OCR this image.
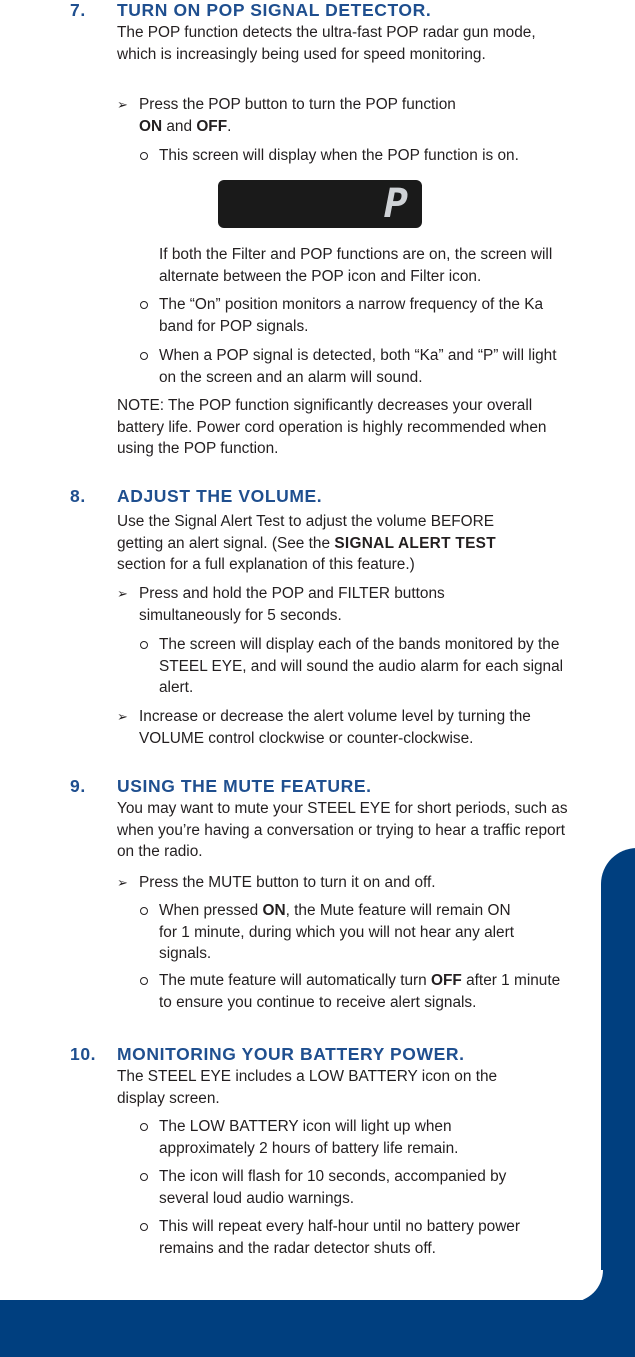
7. TURN ON POP SIGNAL DETECTOR.

The POP function detects the ultra-fast POP radar gun mode, which is increasingly being used for speed monitoring.

➢ Press the POP button to turn the POP function
ON and OFF.
This screen will display when the POP function is on.
P

If both the Filter and POP functions are on, the screen will alternate between the POP icon and Filter icon.

The “On” position monitors a narrow frequency of the Ka band for POP signals.
When a POP signal is detected, both “Ka” and “P” will light on the screen and an alarm will sound.

NOTE: The POP function significantly decreases your overall battery life. Power cord operation is highly recommended when using the POP function.

8. ADJUST THE VOLUME.

Use the Signal Alert Test to adjust the volume BEFORE getting an alert signal. (See the SIGNAL ALERT TEST section for a full explanation of this feature.)

➢ Press and hold the POP and FILTER buttons simultaneously for 5 seconds.
The screen will display each of the bands monitored by the STEEL EYE, and will sound the audio alarm for each signal alert.
➢ Increase or decrease the alert volume level by turning the VOLUME control clockwise or counter-clockwise.
9. USING THE MUTE FEATURE.

You may want to mute your STEEL EYE for short periods, such as when you’re having a conversation or trying to hear a traffic report on the radio.

➢ Press the MUTE button to turn it on and off.
When pressed ON, the Mute feature will remain ON for 1 minute, during which you will not hear any alert signals.
The mute feature will automatically turn OFF after 1 minute to ensure you continue to receive alert signals.
10. MONITORING YOUR BATTERY POWER.

The STEEL EYE includes a LOW BATTERY icon on the display screen.

The LOW BATTERY icon will light up when approximately 2 hours of battery life remain.
The icon will flash for 10 seconds, accompanied by several loud audio warnings.
This will repeat every half-hour until no battery power remains and the radar detector shuts off.
